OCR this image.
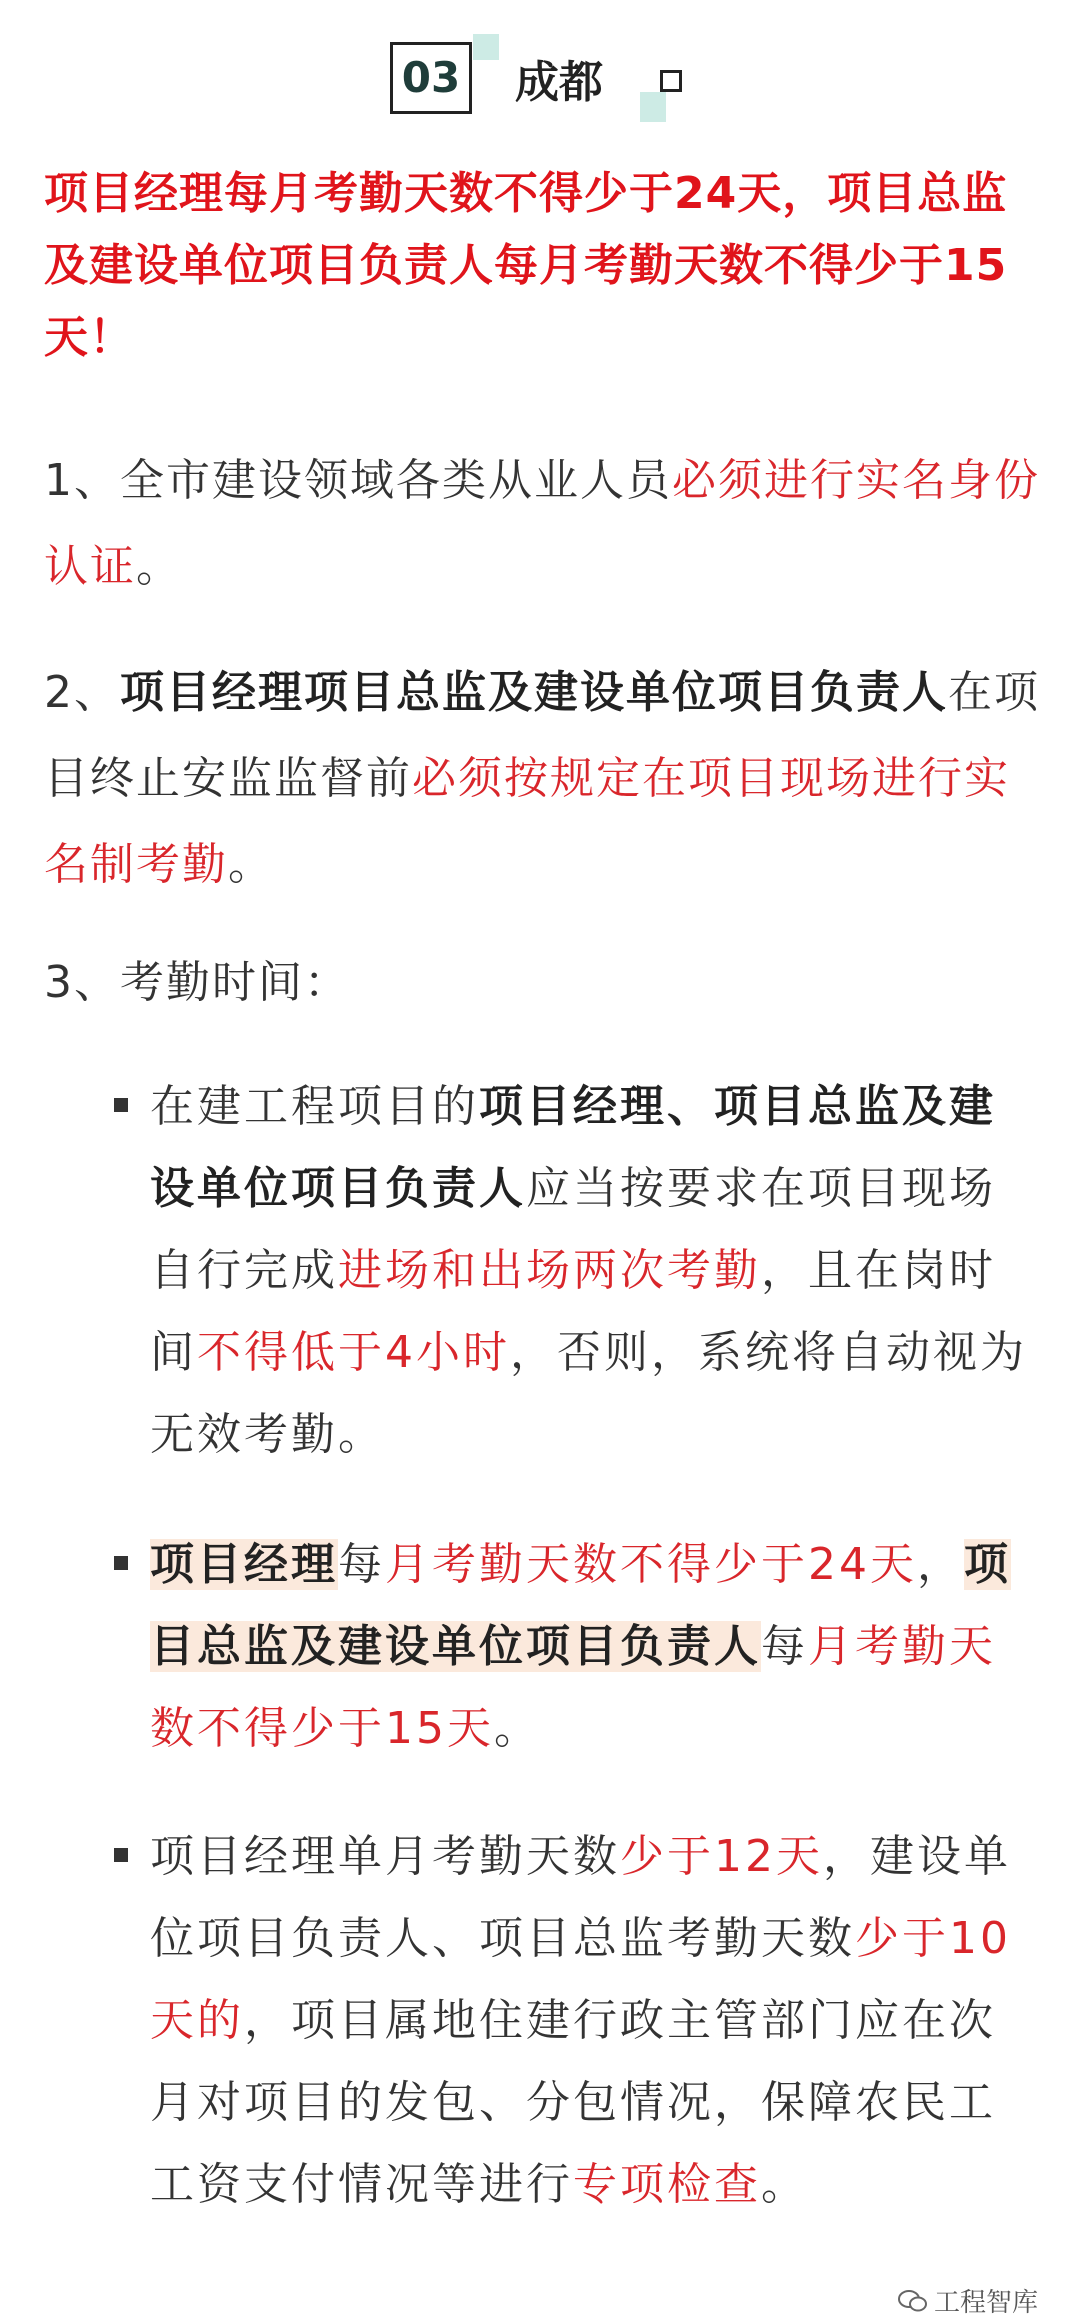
03 成都
项目经理每月考勤天数不得少于24天，项目总监及建设单位项目负责人每月考勤天数不得少于15天！
1、全市建设领域各类从业人员必须进行实名身份认证。
2、项目经理项目总监及建设单位项目负责人在项目终止安监监督前必须按规定在项目现场进行实名制考勤。
3、考勤时间：
在建工程项目的项目经理、项目总监及建设单位项目负责人应当按要求在项目现场自行完成进场和出场两次考勤，且在岗时间不得低于4小时，否则，系统将自动视为无效考勤。
项目经理每月考勤天数不得少于24天，项目总监及建设单位项目负责人每月考勤天数不得少于15天。
项目经理单月考勤天数少于12天，建设单位项目负责人、项目总监考勤天数少于10天的，项目属地住建行政主管部门应在次月对项目的发包、分包情况，保障农民工工资支付情况等进行专项检查。
工程智库
